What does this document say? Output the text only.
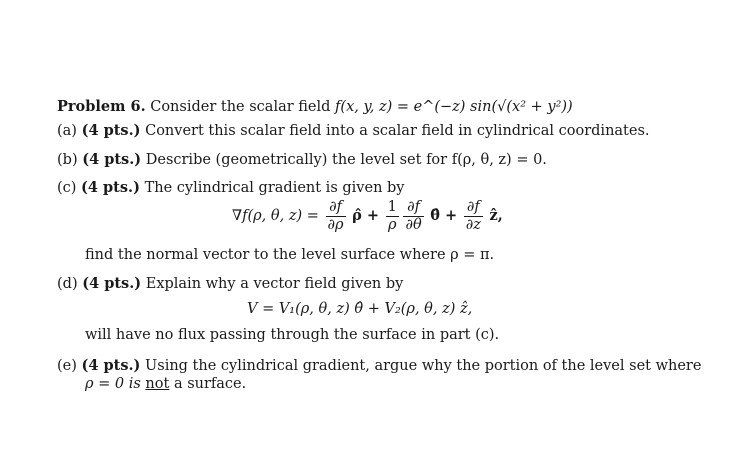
Problem 6. Consider the scalar field f(x, y, z) = e^(−z) sin(√(x² + y²))
(a) (4 pts.) Convert this scalar field into a scalar field in cylindrical coordinates.
(b) (4 pts.) Describe (geometrically) the level set for f(ρ, θ, z) = 0.
(c) (4 pts.) The cylindrical gradient is given by
∇f(ρ, θ, $z) = \frac{\partial f}{\partial\rho}$ ρ̂ + $\frac{1}{\rho}$
$\frac{\partial f}{\partial\theta}$ θ̂ + $\frac{\partial f}{\partial z}$ ẑ,
find the normal vector to the level surface where ρ = π.
(d) (4 pts.) Explain why a vector field given by
V = V₁(ρ, θ, z) θ̂ + V₂(ρ, θ, z) ẑ,
will have no flux passing through the surface in part (c).
(e) (4 pts.) Using the cylindrical gradient, argue why the portion of the level set where
ρ = 0 is not a surface.
